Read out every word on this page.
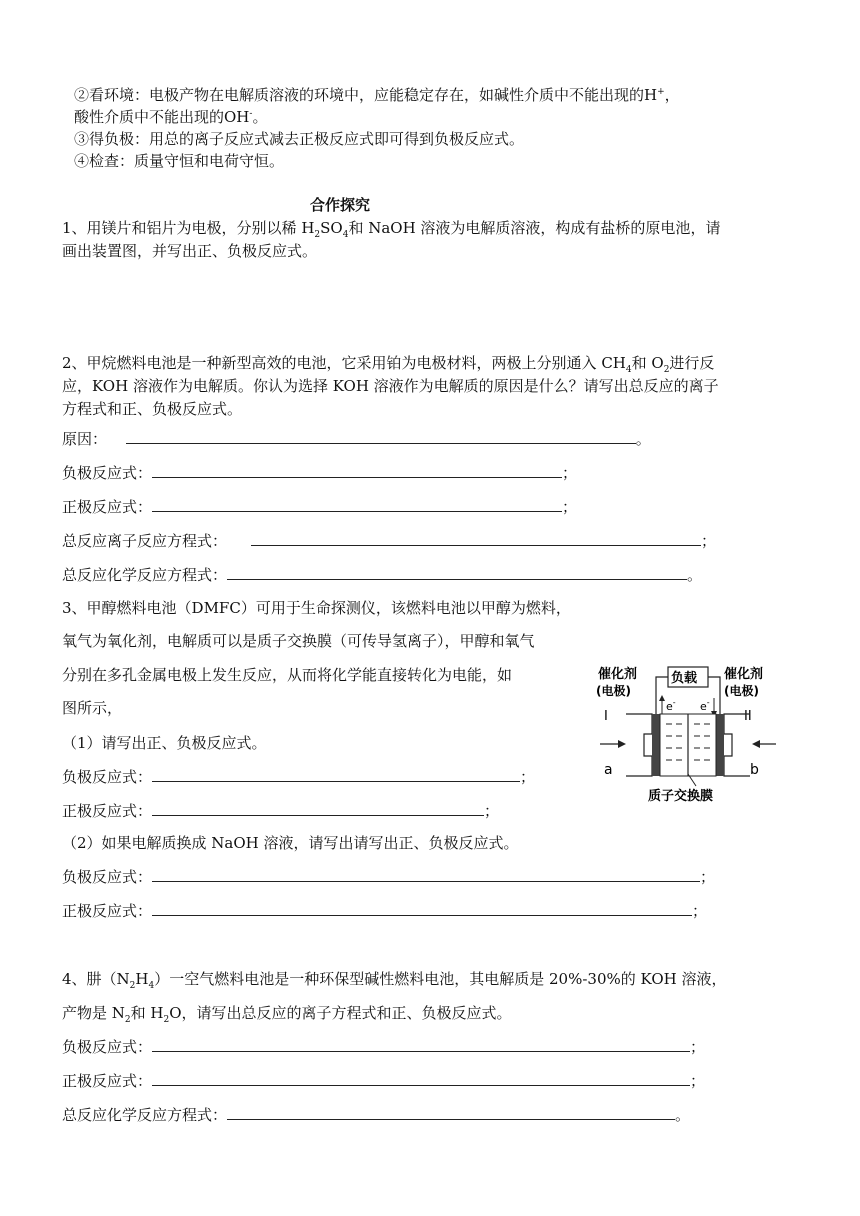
②看环境：电极产物在电解质溶液的环境中，应能稳定存在，如碱性介质中不能出现的H+，
酸性介质中不能出现的OH-。
③得负极：用总的离子反应式减去正极反应式即可得到负极反应式。
④检查：质量守恒和电荷守恒。
合作探究
1、用镁片和铝片为电极，分别以稀 $H_2SO_4$和 NaOH 溶液为电解质溶液，构成有盐桥的原电池，请
画出装置图，并写出正、负极反应式。
2、甲烷燃料电池是一种新型高效的电池，它采用铂为电极材料，两极上分别通入 $CH_4$和 $O_2$进行反
应，KOH 溶液作为电解质。你认为选择 KOH 溶液作为电解质的原因是什么？请写出总反应的离子
方程式和正、负极反应式。
原因：	。
负极反应式：	；
正极反应式：	；
总反应离子反应方程式：	；
总反应化学反应方程式：	。
3、甲醇燃料电池（DMFC）可用于生命探测仪，该燃料电池以甲醇为燃料，
氧气为氧化剂，电解质可以是质子交换膜（可传导氢离子），甲醇和氧气
分别在多孔金属电极上发生反应，从而将化学能直接转化为电能，如
图所示，
（1）请写出正、负极反应式。
负极反应式：	；
正极反应式：	；
（2）如果电解质换成 NaOH 溶液，请写出请写出正、负极反应式。
负极反应式：	；
正极反应式：	；
催化剂
(电极)
催化剂
(电极)
负载
e- e-
I	II
a	b
质子交换膜
4、肼$(N_2H_4)$一空气燃料电池是一种环保型碱性燃料电池，其电解质是 20%-30%的 KOH 溶液，
产物是 $N_2$和 $H_2O$，请写出总反应的离子方程式和正、负极反应式。
负极反应式：	；
正极反应式：	；
总反应化学反应方程式：	。
